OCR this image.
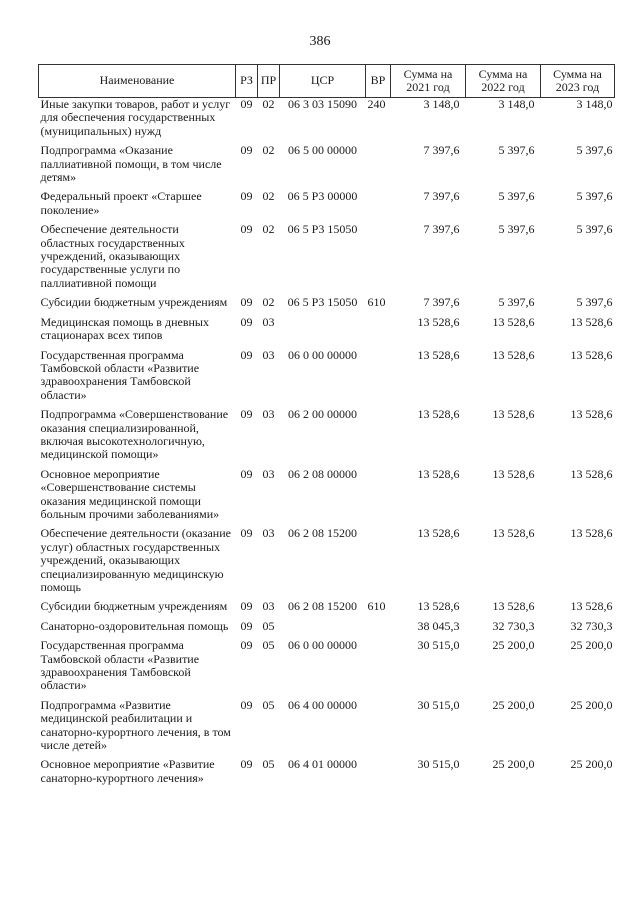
386
Наименование	РЗ	ПР	ЦСР	ВР	Сумма на 2021 год	Сумма на 2022 год	Сумма на 2023 год
Иные закупки товаров, работ и услуг для обеспечения государственных (муниципальных) нужд	09	02	06 3 03 15090	240	3 148,0	3 148,0	3 148,0

Подпрограмма «Оказание паллиативной помощи, в том числе детям»	09	02	06 5 00 00000		7 397,6	5 397,6	5 397,6

Федеральный проект «Старшее поколение»	09	02	06 5 P3 00000		7 397,6	5 397,6	5 397,6

Обеспечение деятельности областных государственных учреждений, оказывающих государственные услуги по паллиативной помощи	09	02	06 5 P3 15050		7 397,6	5 397,6	5 397,6

Субсидии бюджетным учреждениям	09	02	06 5 P3 15050	610	7 397,6	5 397,6	5 397,6

Медицинская помощь в дневных стационарах всех типов	09	03			13 528,6	13 528,6	13 528,6

Государственная программа Тамбовской области «Развитие здравоохранения Тамбовской области»	09	03	06 0 00 00000		13 528,6	13 528,6	13 528,6

Подпрограмма «Совершенствование оказания специализированной, включая высокотехнологичную, медицинской помощи»	09	03	06 2 00 00000		13 528,6	13 528,6	13 528,6

Основное мероприятие «Совершенствование системы оказания медицинской помощи больным прочими заболеваниями»	09	03	06 2 08 00000		13 528,6	13 528,6	13 528,6

Обеспечение деятельности (оказание услуг) областных государственных учреждений, оказывающих специализированную медицинскую помощь	09	03	06 2 08 15200		13 528,6	13 528,6	13 528,6

Субсидии бюджетным учреждениям	09	03	06 2 08 15200	610	13 528,6	13 528,6	13 528,6

Санаторно-оздоровительная помощь	09	05			38 045,3	32 730,3	32 730,3

Государственная программа Тамбовской области «Развитие здравоохранения Тамбовской области»	09	05	06 0 00 00000		30 515,0	25 200,0	25 200,0

Подпрограмма «Развитие медицинской реабилитации и санаторно-курортного лечения, в том числе детей»	09	05	06 4 00 00000		30 515,0	25 200,0	25 200,0

Основное мероприятие «Развитие санаторно-курортного лечения»	09	05	06 4 01 00000		30 515,0	25 200,0	25 200,0
